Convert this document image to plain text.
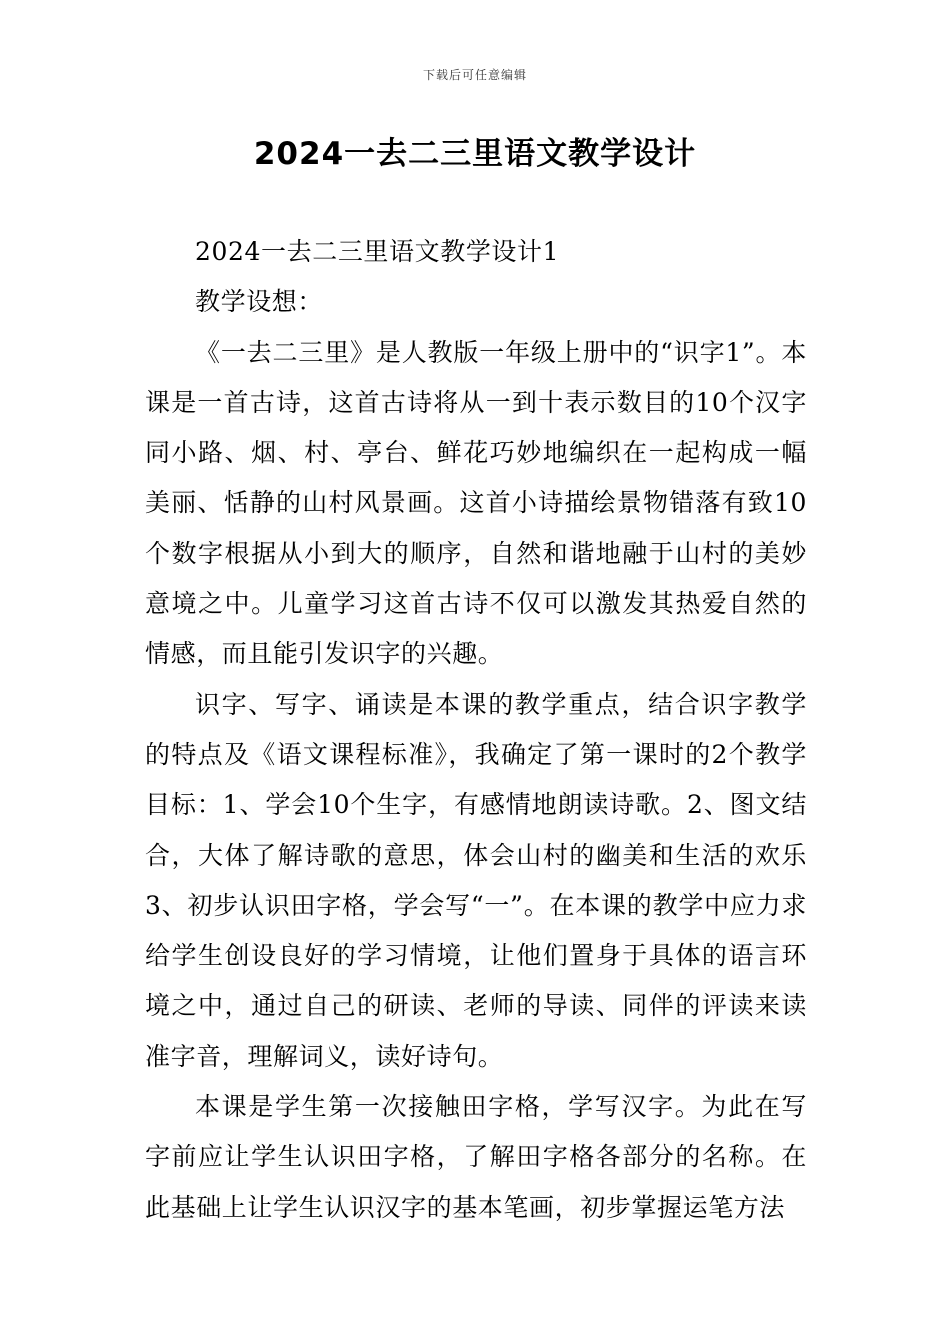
下载后可任意编辑
2024一去二三里语文教学设计

2024一去二三里语文教学设计1

教学设想：

《一去二三里》是人教版一年级上册中的“识字1”。本课是一首古诗，这首古诗将从一到十表示数目的10个汉字同小路、烟、村、亭台、鲜花巧妙地编织在一起构成一幅美丽、恬静的山村风景画。这首小诗描绘景物错落有致10个数字根据从小到大的顺序，自然和谐地融于山村的美妙意境之中。儿童学习这首古诗不仅可以激发其热爱自然的情感，而且能引发识字的兴趣。

识字、写字、诵读是本课的教学重点，结合识字教学的特点及《语文课程标准》，我确定了第一课时的2个教学目标：1、学会10个生字，有感情地朗读诗歌。2、图文结合，大体了解诗歌的意思，体会山村的幽美和生活的欢乐3、初步认识田字格，学会写“一”。在本课的教学中应力求给学生创设良好的学习情境，让他们置身于具体的语言环境之中，通过自己的研读、老师的导读、同伴的评读来读准字音，理解词义，读好诗句。

本课是学生第一次接触田字格，学写汉字。为此在写字前应让学生认识田字格，了解田字格各部分的名称。在此基础上让学生认识汉字的基本笔画，初步掌握运笔方法
